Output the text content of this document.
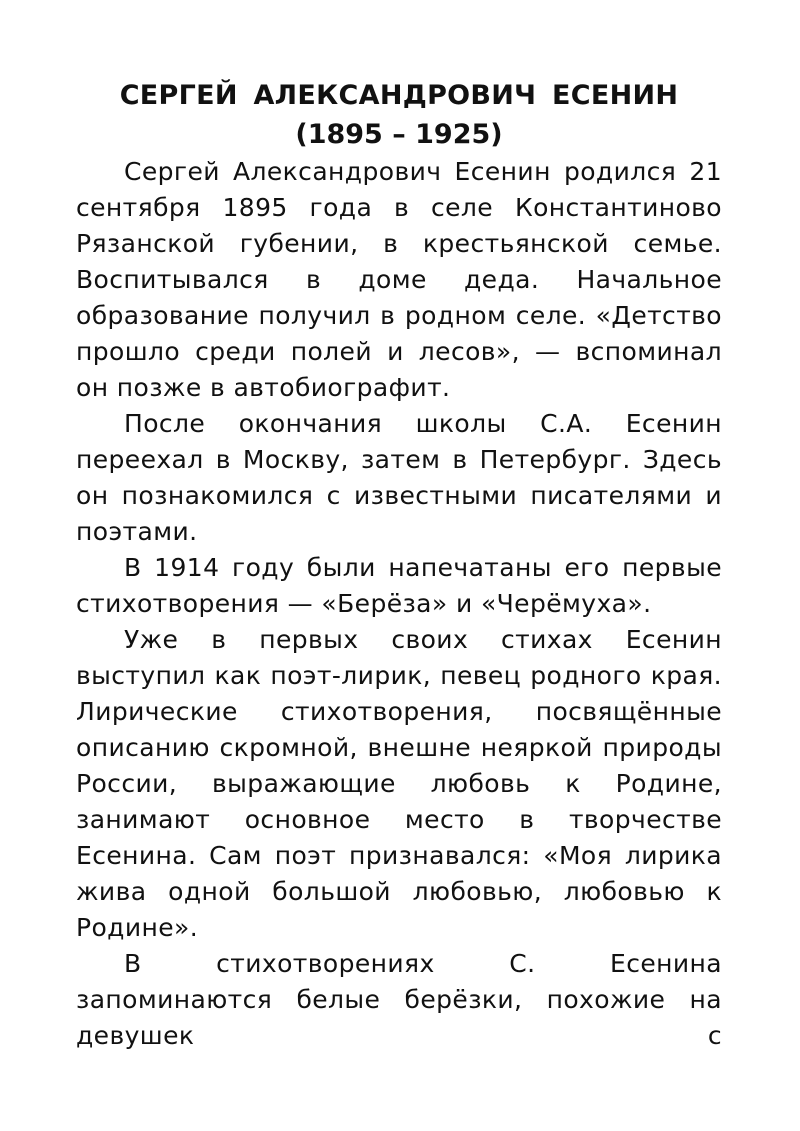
СЕРГЕЙ АЛЕКСАНДРОВИЧ ЕСЕНИН
(1895 – 1925)

Сергей Александрович Есенин родился 21 сентября 1895 года в селе Константиново Рязанской губении, в крестьянской семье. Воспитывался в доме деда. Начальное образование получил в родном селе. «Детство прошло среди полей и лесов», — вспоминал он позже в автобиографит.

После окончания школы С.А. Есенин переехал в Москву, затем в Петербург. Здесь он познакомился с известными писателями и поэтами.

В 1914 году были напечатаны его первые стихотворения — «Берёза» и «Черёмуха».

Уже в первых своих стихах Есенин выступил как поэт-лирик, певец родного края. Лирические стихотворения, посвящённые описанию скромной, внешне неяркой природы России, выражающие любовь к Родине, занимают основное место в творчестве Есенина. Сам поэт признавался: «Моя лирика жива одной большой любовью, любовью к Родине».

В стихотворениях С. Есенина запоминаются белые берёзки, похожие на девушек с
